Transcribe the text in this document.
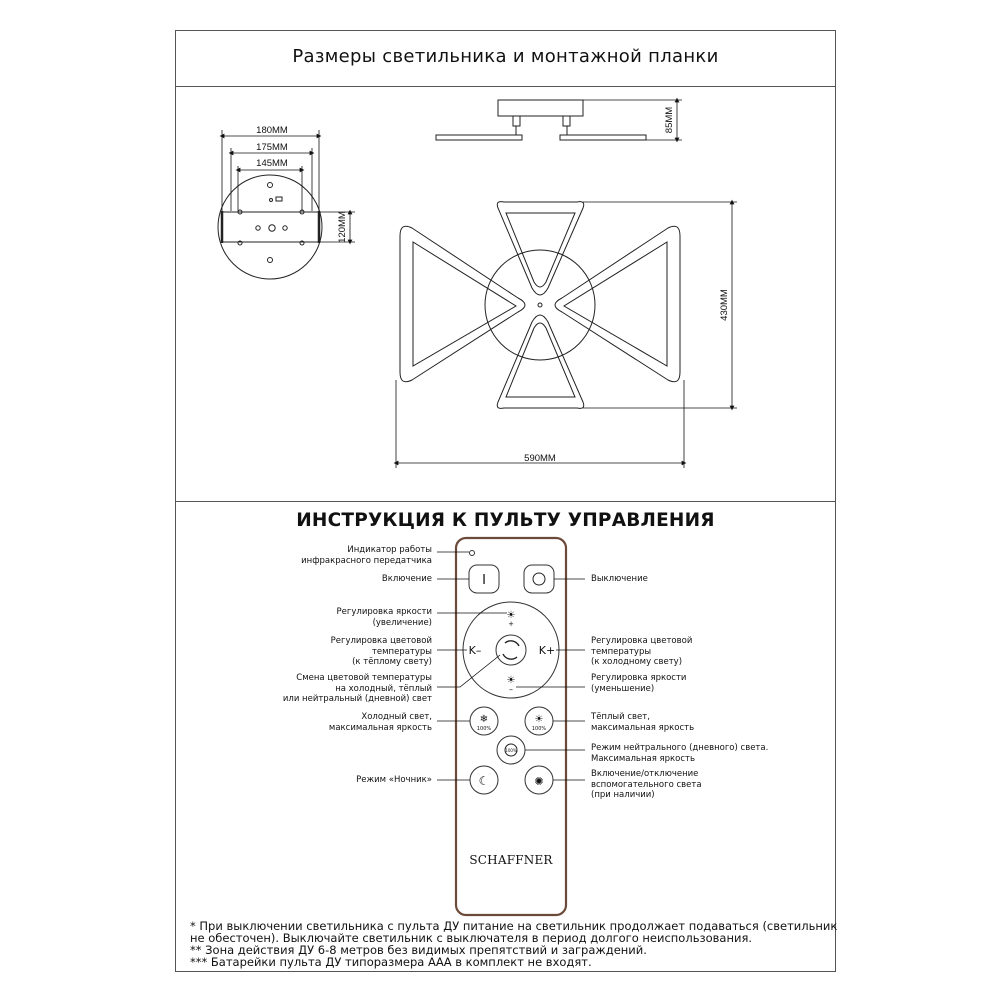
Размеры светильника и монтажной планки
ИНСТРУКЦИЯ К ПУЛЬТУ УПРАВЛЕНИЯ
180MM
175MM
145MM
120MM
85MM
430MM
590MM
I
☀
+
☀
–
K–	K+
❄
100%
☀
100%
100%
☾	✺
Индикатор работы
инфракрасного передатчика
Включение
Регулировка яркости
(увеличение)
Регулировка цветовой
температуры
(к тёплому свету)
Смена цветовой температуры
на холодный, тёплый
или нейтральный (дневной) свет
Холодный свет,
максимальная яркость
Режим «Ночник»
Выключение
Регулировка цветовой
температуры
(к холодному свету)
Регулировка яркости
(уменьшение)
Тёплый свет,
максимальная яркость
Режим нейтрального (дневного) света.
Максимальная яркость
Включение/отключение
вспомогательного света
(при наличии)
SCHAFFNER
* При выключении светильника с пульта ДУ питание на светильник продолжает подаваться (светильник
не обесточен). Выключайте светильник с выключателя в период долгого неиспользования.
** Зона действия ДУ 6-8 метров без видимых препятствий и заграждений.
*** Батарейки пульта ДУ типоразмера ААА в комплект не входят.
